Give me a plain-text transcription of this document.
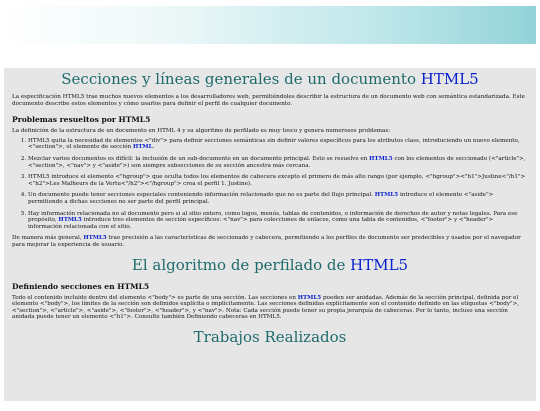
Secciones y líneas generales de un documento HTML5

La especificación HTML5 trae muchos nuevos elementos a los desarrolladores web, permitiéndoles describir la estructura de un documento web con semántica estandarizada. Este documento describe estos elementos y cómo usarlos para definir el perfil de cualquier documento.

Problemas resueltos por HTML5

La definición de la estructura de un documento en HTML 4 y su algoritmo de perfilado es muy tosco y genera numerosos problemas:

1. HTML5 quita la necesidad de elementos <"div"> para definir secciones semánticas sin definir valores específicos para los atributos class, introduciendo un nuevo elemento, <"section">, el elemento de sección HTML.
2. Mezclar varios documentos es difícil: la inclusión de un sub-documento en un documento principal. Esto se resuelve en HTML5 con los elementos de seccionado (<"article">, <"section">, <"nav"> y <"aside">) son siempre subsecciones de su sección ancestra más cercana.
3. HTML5 introduce el elemento <"hgroup"> que oculta todos los elementos de cabecera excepto el primero de más alto rango (por ejemplo, <"hgroup"><"h1">Justine<"/h1"><"h2">Les Malheurs de la Vertu<"/h2"><"/hgroup"> crea el perfil 1. Justine).
4. Un documento puede tener secciones especiales conteniendo información relacionado que no es parte del flujo principal. HTML5 introduce el elemento <"aside"> permitiendo a dichas secciones no ser parte del perfil principal.
5. Hay información relacionada no al documento pero si al sitio entero, como logos, menús, tablas de contenidos, o información de derechos de autor y notas legales. Para ese propósito, HTML5 introduce tres elementos de sección específicos: <"nav"> para colecciones de enlaces, como una tabla de contenidos, <"footer"> y <"header"> información relacionada con el sitio.

De manera más general, HTML5 trae precisión a las características de seccionado y cabecera, permitiendo a los perfiles de documento ser predecibles y usados por el navegador para mejorar la experiencia de usuario.

El algoritmo de perfilado de HTML5
Definiendo secciones en HTML5

Todo el contenido incluido dentro del elemento <"body"> es parte de una sección. Las secciones en HTML5 pueden ser anidadas. Además de la sección principal, definida por el elemento <"body">, los límites de la sección son definidos explícita o implícitamente. Las secciones definidas explícitamente son el contenido definido en las etiquetas <"body">, <"section">, <"article">, <"aside">, <"footer">, <"header">, y <"nav">. Nota: Cada sección puede tener su propia jerarquía de cabeceras. Por lo tanto, incluso una sección anidada puede tener un elemento <"h1">. Consulte también Definiendo cabeceras en HTML5.

Trabajos Realizados
